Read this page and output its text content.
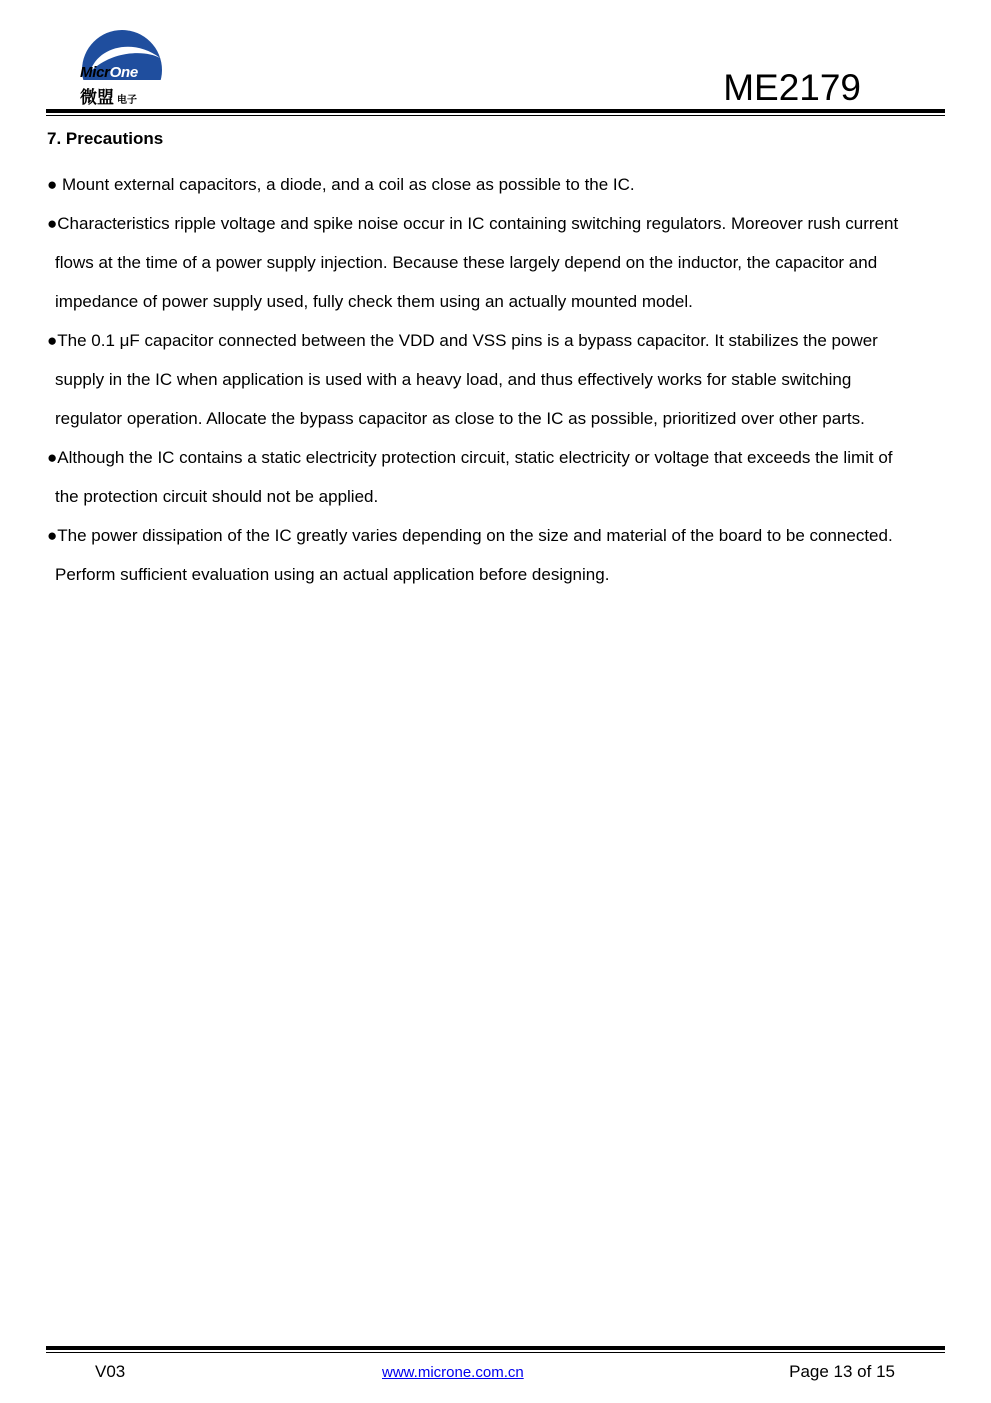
MicrOne
微盟 电子	ME2179
7. Precautions

● Mount external capacitors, a diode, and a coil as close as possible to the IC.

●Characteristics ripple voltage and spike noise occur in IC containing switching regulators. Moreover rush current
flows at the time of a power supply injection. Because these largely depend on the inductor, the capacitor and
impedance of power supply used, fully check them using an actually mounted model.

●The 0.1 μF capacitor connected between the VDD and VSS pins is a bypass capacitor. It stabilizes the power
supply in the IC when application is used with a heavy load, and thus effectively works for stable switching
regulator operation. Allocate the bypass capacitor as close to the IC as possible, prioritized over other parts.

●Although the IC contains a static electricity protection circuit, static electricity or voltage that exceeds the limit of
the protection circuit should not be applied.

●The power dissipation of the IC greatly varies depending on the size and material of the board to be connected.
Perform sufficient evaluation using an actual application before designing.

V03	www.microne.com.cn	Page 13 of 15
